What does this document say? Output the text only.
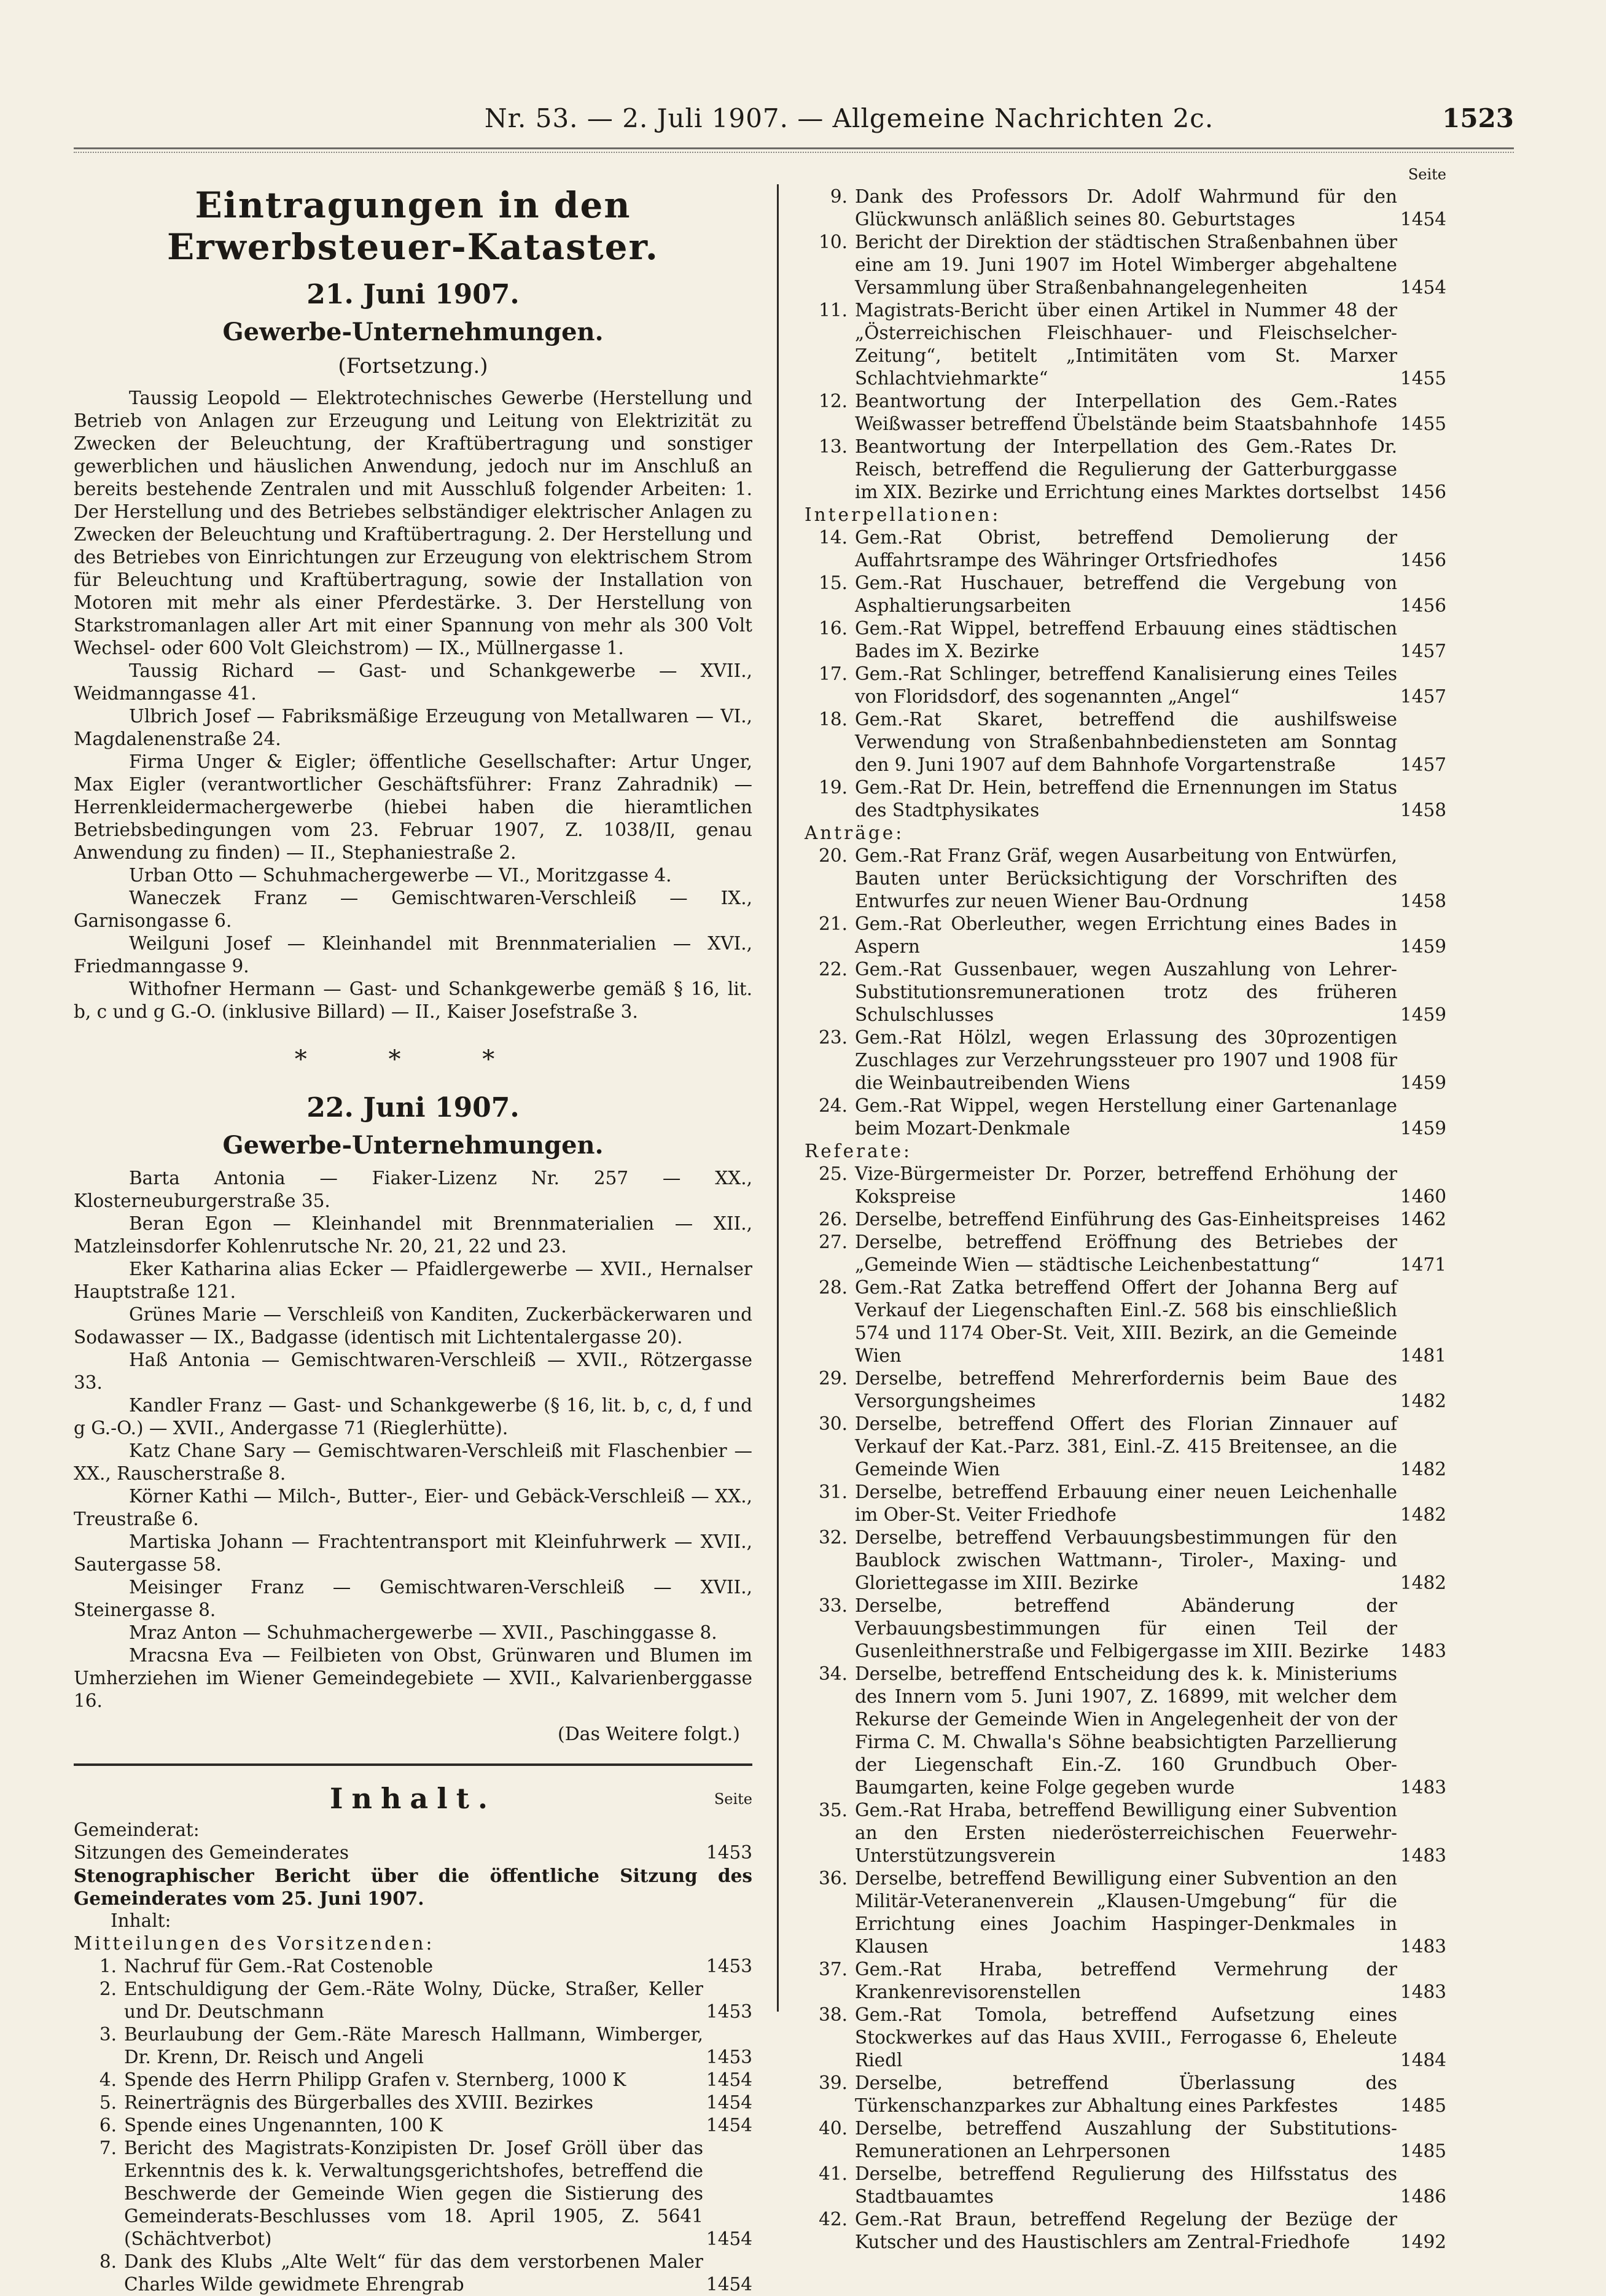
Nr. 53. — 2. Juli 1907. — Allgemeine Nachrichten 2c.	1523
Eintragungen in den Erwerbsteuer-Kataster.
21. Juni 1907.
Gewerbe-Unternehmungen.
(Fortsetzung.)

Taussig Leopold — Elektrotechnisches Gewerbe (Herstellung und Betrieb von Anlagen zur Erzeugung und Leitung von Elektrizität zu Zwecken der Beleuchtung, der Kraftübertragung und sonstiger gewerblichen und häuslichen Anwendung, jedoch nur im Anschluß an bereits bestehende Zentralen und mit Ausschluß folgender Arbeiten: 1. Der Herstellung und des Betriebes selbständiger elektrischer Anlagen zu Zwecken der Beleuchtung und Kraftübertragung. 2. Der Herstellung und des Betriebes von Einrichtungen zur Erzeugung von elektrischem Strom für Beleuchtung und Kraftübertragung, sowie der Installation von Motoren mit mehr als einer Pferdestärke. 3. Der Herstellung von Starkstromanlagen aller Art mit einer Spannung von mehr als 300 Volt Wechsel- oder 600 Volt Gleichstrom) — IX., Müllnergasse 1.

Taussig Richard — Gast- und Schankgewerbe — XVII., Weidmanngasse 41.

Ulbrich Josef — Fabriksmäßige Erzeugung von Metallwaren — VI., Magdalenenstraße 24.

Firma Unger & Eigler; öffentliche Gesellschafter: Artur Unger, Max Eigler (verantwortlicher Geschäftsführer: Franz Zahradnik) — Herrenkleidermachergewerbe (hiebei haben die hieramtlichen Betriebsbedingungen vom 23. Februar 1907, Z. 1038/II, genau Anwendung zu finden) — II., Stephaniestraße 2.

Urban Otto — Schuhmachergewerbe — VI., Moritzgasse 4.

Waneczek Franz — Gemischtwaren-Verschleiß — IX., Garnisongasse 6.

Weilguni Josef — Kleinhandel mit Brennmaterialien — XVI., Friedmanngasse 9.

Withofner Hermann — Gast- und Schankgewerbe gemäß § 16, lit. b, c und g G.-O. (inklusive Billard) — II., Kaiser Josefstraße 3.

* * *
22. Juni 1907.
Gewerbe-Unternehmungen.

Barta Antonia — Fiaker-Lizenz Nr. 257 — XX., Klosterneuburgerstraße 35.

Beran Egon — Kleinhandel mit Brennmaterialien — XII., Matzleinsdorfer Kohlenrutsche Nr. 20, 21, 22 und 23.

Eker Katharina alias Ecker — Pfaidlergewerbe — XVII., Hernalser Hauptstraße 121.

Grünes Marie — Verschleiß von Kanditen, Zuckerbäckerwaren und Sodawasser — IX., Badgasse (identisch mit Lichtentalergasse 20).

Haß Antonia — Gemischtwaren-Verschleiß — XVII., Rötzergasse 33.

Kandler Franz — Gast- und Schankgewerbe (§ 16, lit. b, c, d, f und g G.-O.) — XVII., Andergasse 71 (Rieglerhütte).

Katz Chane Sary — Gemischtwaren-Verschleiß mit Flaschenbier — XX., Rauscherstraße 8.

Körner Kathi — Milch-, Butter-, Eier- und Gebäck-Verschleiß — XX., Treustraße 6.

Martiska Johann — Frachtentransport mit Kleinfuhrwerk — XVII., Sautergasse 58.

Meisinger Franz — Gemischtwaren-Verschleiß — XVII., Steinergasse 8.

Mraz Anton — Schuhmachergewerbe — XVII., Paschinggasse 8.

Mracsna Eva — Feilbieten von Obst, Grünwaren und Blumen im Umherziehen im Wiener Gemeindegebiete — XVII., Kalvarienberggasse 16.

(Das Weitere folgt.)
Inhalt.	Seite

Gemeinderat:

Sitzungen des Gemeinderates	1453

Stenographischer Bericht über die öffentliche Sitzung des Gemeinderates vom 25. Juni 1907.

Inhalt:

Mitteilungen des Vorsitzenden:

1. Nachruf für Gem.-Rat Costenoble	1453
2. Entschuldigung der Gem.-Räte Wolny, Dücke, Straßer, Keller und Dr. Deutschmann	1453
3. Beurlaubung der Gem.-Räte Maresch Hallmann, Wimberger, Dr. Krenn, Dr. Reisch und Angeli	1453
4. Spende des Herrn Philipp Grafen v. Sternberg, 1000 K	1454
5. Reinerträgnis des Bürgerballes des XVIII. Bezirkes	1454
6. Spende eines Ungenannten, 100 K	1454
7. Bericht des Magistrats-Konzipisten Dr. Josef Gröll über das Erkenntnis des k. k. Verwaltungsgerichtshofes, betreffend die Beschwerde der Gemeinde Wien gegen die Sistierung des Gemeinderats-Beschlusses vom 18. April 1905, Z. 5641 (Schächtverbot)	1454
8. Dank des Klubs „Alte Welt“ für das dem verstorbenen Maler Charles Wilde gewidmete Ehrengrab	1454
Seite
9. Dank des Professors Dr. Adolf Wahrmund für den Glückwunsch anläßlich seines 80. Geburtstages	1454
10. Bericht der Direktion der städtischen Straßenbahnen über eine am 19. Juni 1907 im Hotel Wimberger abgehaltene Versammlung über Straßenbahnangelegenheiten	1454
11. Magistrats-Bericht über einen Artikel in Nummer 48 der „Österreichischen Fleischhauer- und Fleischselcher-Zeitung“, betitelt „Intimitäten vom St. Marxer Schlachtviehmarkte“	1455
12. Beantwortung der Interpellation des Gem.-Rates Weißwasser betreffend Übelstände beim Staatsbahnhofe	1455
13. Beantwortung der Interpellation des Gem.-Rates Dr. Reisch, betreffend die Regulierung der Gatterburggasse im XIX. Bezirke und Errichtung eines Marktes dortselbst	1456

Interpellationen:

14. Gem.-Rat Obrist, betreffend Demolierung der Auffahrtsrampe des Währinger Ortsfriedhofes	1456
15. Gem.-Rat Huschauer, betreffend die Vergebung von Asphaltierungsarbeiten	1456
16. Gem.-Rat Wippel, betreffend Erbauung eines städtischen Bades im X. Bezirke	1457
17. Gem.-Rat Schlinger, betreffend Kanalisierung eines Teiles von Floridsdorf, des sogenannten „Angel“	1457
18. Gem.-Rat Skaret, betreffend die aushilfsweise Verwendung von Straßenbahnbediensteten am Sonntag den 9. Juni 1907 auf dem Bahnhofe Vorgartenstraße	1457
19. Gem.-Rat Dr. Hein, betreffend die Ernennungen im Status des Stadtphysikates	1458

Anträge:

20. Gem.-Rat Franz Gräf, wegen Ausarbeitung von Entwürfen, Bauten unter Berücksichtigung der Vorschriften des Entwurfes zur neuen Wiener Bau-Ordnung	1458
21. Gem.-Rat Oberleuther, wegen Errichtung eines Bades in Aspern	1459
22. Gem.-Rat Gussenbauer, wegen Auszahlung von Lehrer-Substitutionsremunerationen trotz des früheren Schulschlusses	1459
23. Gem.-Rat Hölzl, wegen Erlassung des 30prozentigen Zuschlages zur Verzehrungssteuer pro 1907 und 1908 für die Weinbautreibenden Wiens	1459
24. Gem.-Rat Wippel, wegen Herstellung einer Gartenanlage beim Mozart-Denkmale	1459

Referate:

25. Vize-Bürgermeister Dr. Porzer, betreffend Erhöhung der Kokspreise	1460
26. Derselbe, betreffend Einführung des Gas-Einheitspreises	1462
27. Derselbe, betreffend Eröffnung des Betriebes der „Gemeinde Wien — städtische Leichenbestattung“	1471
28. Gem.-Rat Zatka betreffend Offert der Johanna Berg auf Verkauf der Liegenschaften Einl.-Z. 568 bis einschließlich 574 und 1174 Ober-St. Veit, XIII. Bezirk, an die Gemeinde Wien	1481
29. Derselbe, betreffend Mehrerfordernis beim Baue des Versorgungsheimes	1482
30. Derselbe, betreffend Offert des Florian Zinnauer auf Verkauf der Kat.-Parz. 381, Einl.-Z. 415 Breitensee, an die Gemeinde Wien	1482
31. Derselbe, betreffend Erbauung einer neuen Leichenhalle im Ober-St. Veiter Friedhofe	1482
32. Derselbe, betreffend Verbauungsbestimmungen für den Baublock zwischen Wattmann-, Tiroler-, Maxing- und Gloriettegasse im XIII. Bezirke	1482
33. Derselbe, betreffend Abänderung der Verbauungsbestimmungen für einen Teil der Gusenleithnerstraße und Felbigergasse im XIII. Bezirke	1483
34. Derselbe, betreffend Entscheidung des k. k. Ministeriums des Innern vom 5. Juni 1907, Z. 16899, mit welcher dem Rekurse der Gemeinde Wien in Angelegenheit der von der Firma C. M. Chwalla's Söhne beabsichtigten Parzellierung der Liegenschaft Ein.-Z. 160 Grundbuch Ober-Baumgarten, keine Folge gegeben wurde	1483
35. Gem.-Rat Hraba, betreffend Bewilligung einer Subvention an den Ersten niederösterreichischen Feuerwehr-Unterstützungsverein	1483
36. Derselbe, betreffend Bewilligung einer Subvention an den Militär-Veteranenverein „Klausen-Umgebung“ für die Errichtung eines Joachim Haspinger-Denkmales in Klausen	1483
37. Gem.-Rat Hraba, betreffend Vermehrung der Krankenrevisorenstellen	1483
38. Gem.-Rat Tomola, betreffend Aufsetzung eines Stockwerkes auf das Haus XVIII., Ferrogasse 6, Eheleute Riedl	1484
39. Derselbe, betreffend Überlassung des Türkenschanzparkes zur Abhaltung eines Parkfestes	1485
40. Derselbe, betreffend Auszahlung der Substitutions-Remunerationen an Lehrpersonen	1485
41. Derselbe, betreffend Regulierung des Hilfsstatus des Stadtbauamtes	1486
42. Gem.-Rat Braun, betreffend Regelung der Bezüge der Kutscher und des Haustischlers am Zentral-Friedhofe	1492
